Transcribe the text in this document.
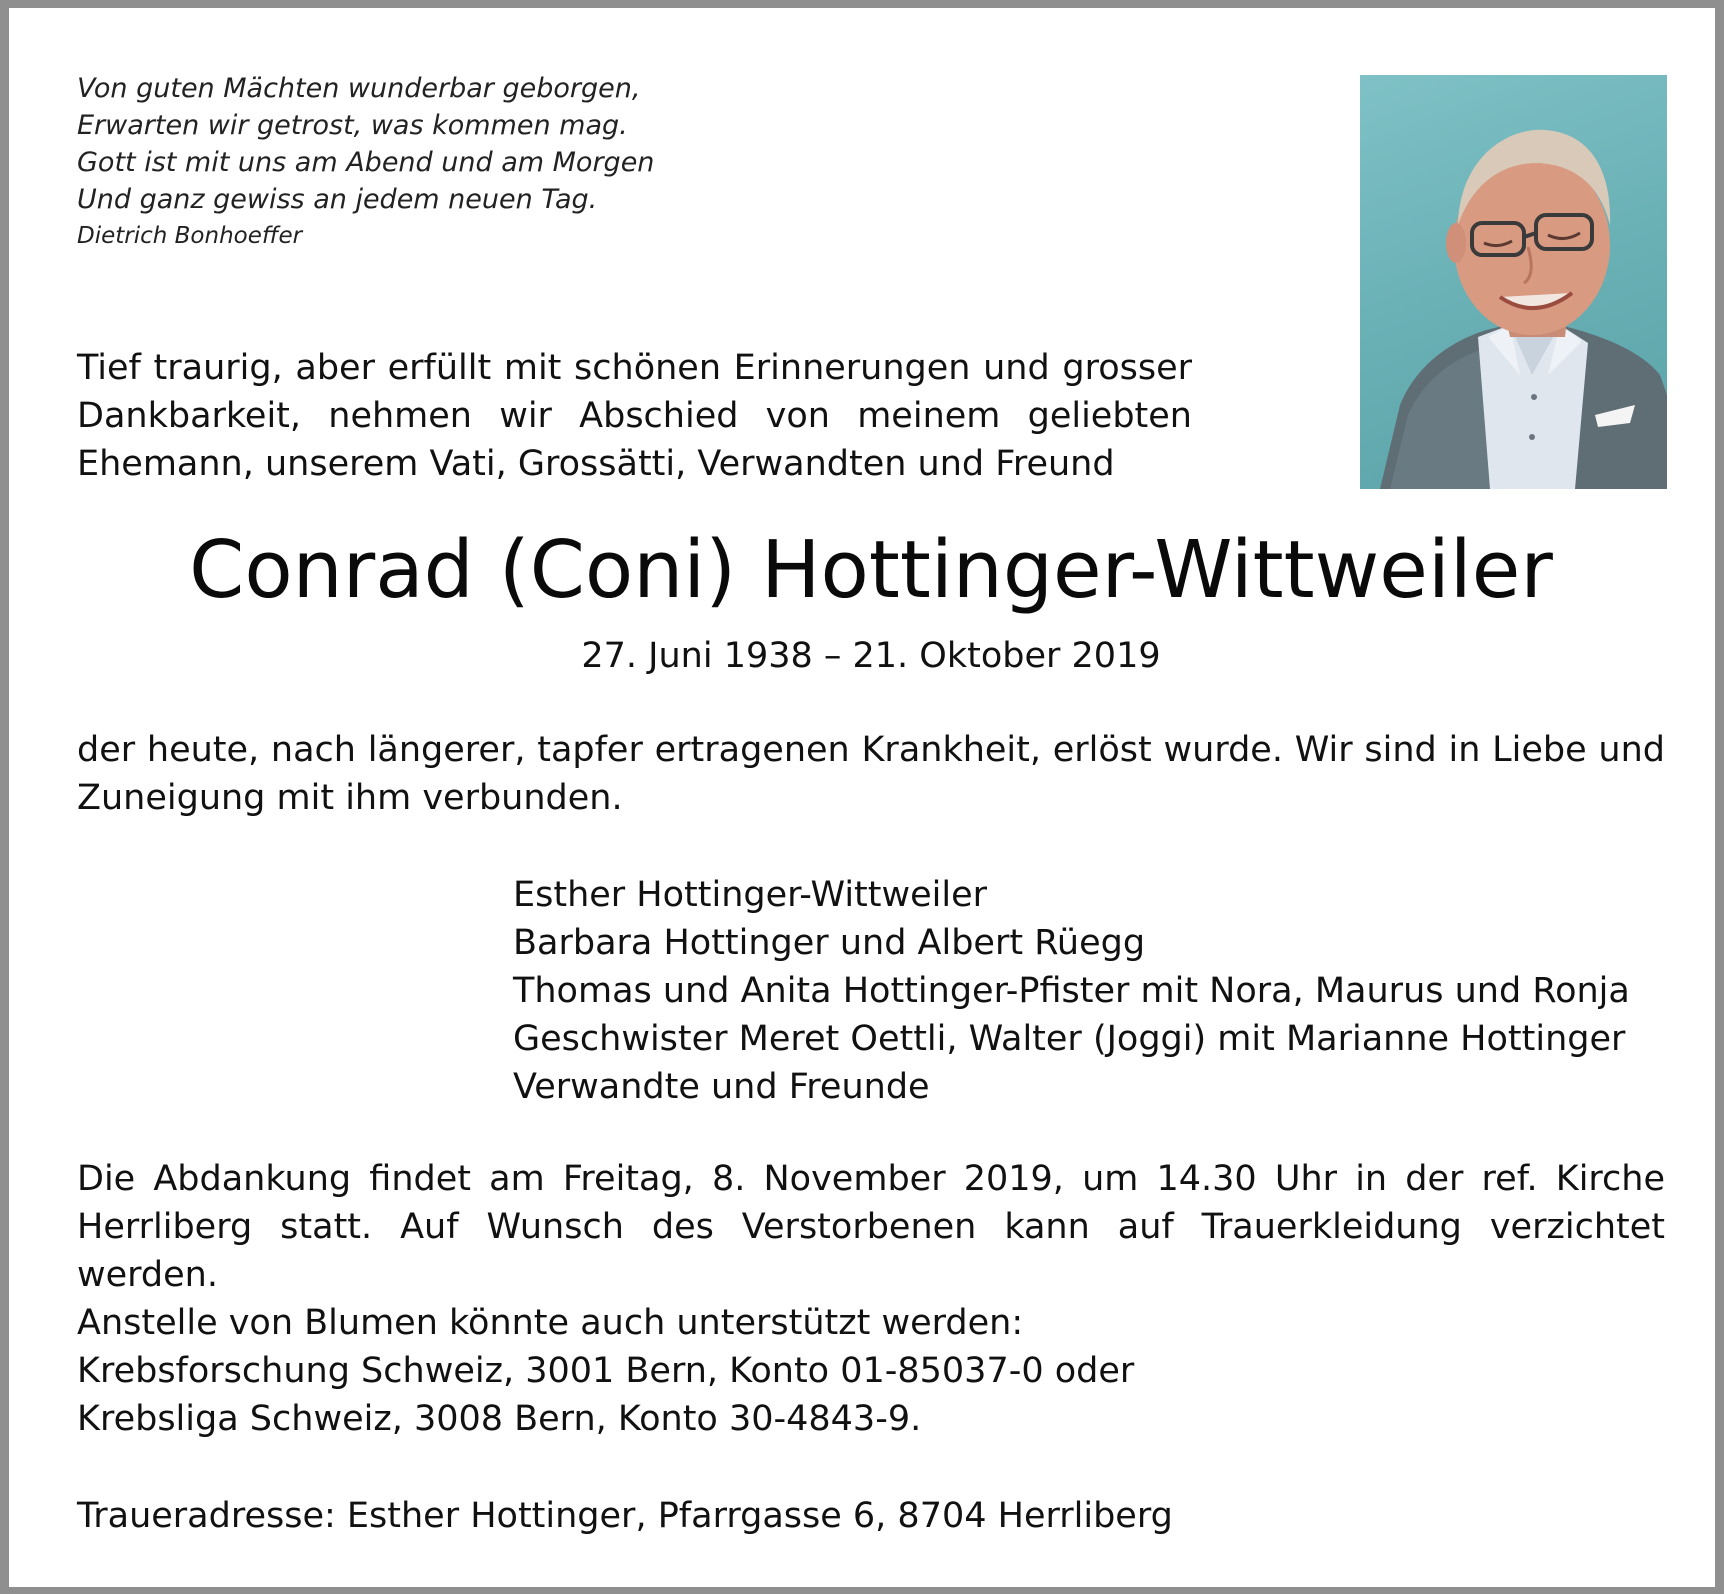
Von guten Mächten wunderbar geborgen,
Erwarten wir getrost, was kommen mag.
Gott ist mit uns am Abend und am Morgen
Und ganz gewiss an jedem neuen Tag.
Dietrich Bonhoeffer
Tief traurig, aber erfüllt mit schönen Erinnerungen und grosser Dankbarkeit, nehmen wir Abschied von meinem geliebten Ehemann, unserem Vati, Grossätti, Verwandten und Freund
Conrad (Coni) Hottinger-Wittweiler
27. Juni 1938 – 21. Oktober 2019
der heute, nach längerer, tapfer ertragenen Krankheit, erlöst wurde. Wir sind in Liebe und Zuneigung mit ihm verbunden.
Esther Hottinger-Wittweiler
Barbara Hottinger und Albert Rüegg
Thomas und Anita Hottinger-Pfister mit Nora, Maurus und Ronja
Geschwister Meret Oettli, Walter (Joggi) mit Marianne Hottinger
Verwandte und Freunde
Die Abdankung findet am Freitag, 8. November 2019, um 14.30 Uhr in der ref. Kirche Herrliberg statt. Auf Wunsch des Verstorbenen kann auf Trauerkleidung verzichtet werden.
Anstelle von Blumen könnte auch unterstützt werden:
Krebsforschung Schweiz, 3001 Bern, Konto 01-85037-0 oder
Krebsliga Schweiz, 3008 Bern, Konto 30-4843-9.
Traueradresse: Esther Hottinger, Pfarrgasse 6, 8704 Herrliberg
